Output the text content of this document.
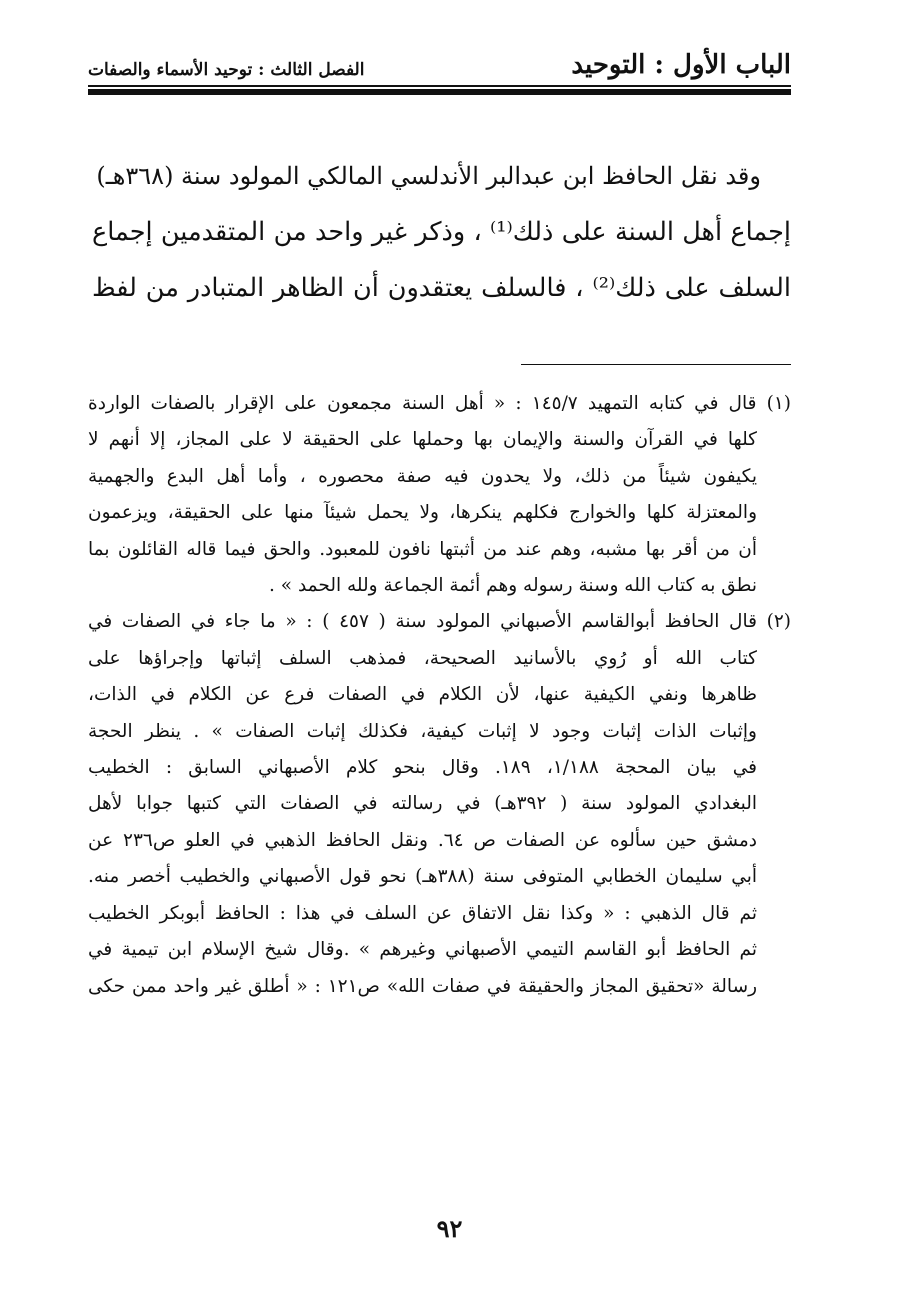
الباب الأول : التوحيد
الفصل الثالث : توحيد الأسماء والصفات

وقد نقل الحافظ ابن عبدالبر الأندلسي المالكي المولود سنة (٣٦٨هـ)

إجماع أهل السنة على ذلك⁽¹⁾ ، وذكر غير واحد من المتقدمين إجماع

السلف على ذلك⁽²⁾ ، فالسلف يعتقدون أن الظاهر المتبادر من لفظ

(١) قال في كتابه التمهيد ١٤٥/٧ : « أهل السنة مجمعون على الإقرار بالصفات الواردة
كلها في القرآن والسنة والإيمان بها وحملها على الحقيقة لا على المجاز، إلا أنهم لا
يكيفون شيئاً من ذلك، ولا يحدون فيه صفة محصوره ، وأما أهل البدع والجهمية
والمعتزلة كلها والخوارج فكلهم ينكرها، ولا يحمل شيئآ منها على الحقيقة، ويزعمون
أن من أقر بها مشبه، وهم عند من أثبتها نافون للمعبود. والحق فيما قاله القائلون بما
نطق به كتاب الله وسنة رسوله وهم أئمة الجماعة ولله الحمد » .
(٢) قال الحافظ أبوالقاسم الأصبهاني المولود سنة ( ٤٥٧ ) : « ما جاء في الصفات في
كتاب الله أو رُوي بالأسانيد الصحيحة، فمذهب السلف إثباتها وإجراؤها على
ظاهرها ونفي الكيفية عنها، لأن الكلام في الصفات فرع عن الكلام في الذات،
وإثبات الذات إثبات وجود لا إثبات كيفية، فكذلك إثبات الصفات » . ينظر الحجة
في بيان المحجة ١/١٨٨، ١٨٩. وقال بنحو كلام الأصبهاني السابق : الخطيب
البغدادي المولود سنة ( ٣٩٢هـ) في رسالته في الصفات التي كتبها جوابا لأهل
دمشق حين سألوه عن الصفات ص ٦٤. ونقل الحافظ الذهبي في العلو ص٢٣٦ عن
أبي سليمان الخطابي المتوفى سنة (٣٨٨هـ) نحو قول الأصبهاني والخطيب أخصر منه.
ثم قال الذهبي : « وكذا نقل الاتفاق عن السلف في هذا : الحافظ أبوبكر الخطيب
ثم الحافظ أبو القاسم التيمي الأصبهاني وغيرهم » .وقال شيخ الإسلام ابن تيمية في
رسالة «تحقيق المجاز والحقيقة في صفات الله» ص١٢١ : « أطلق غير واحد ممن حكى
٩٢
